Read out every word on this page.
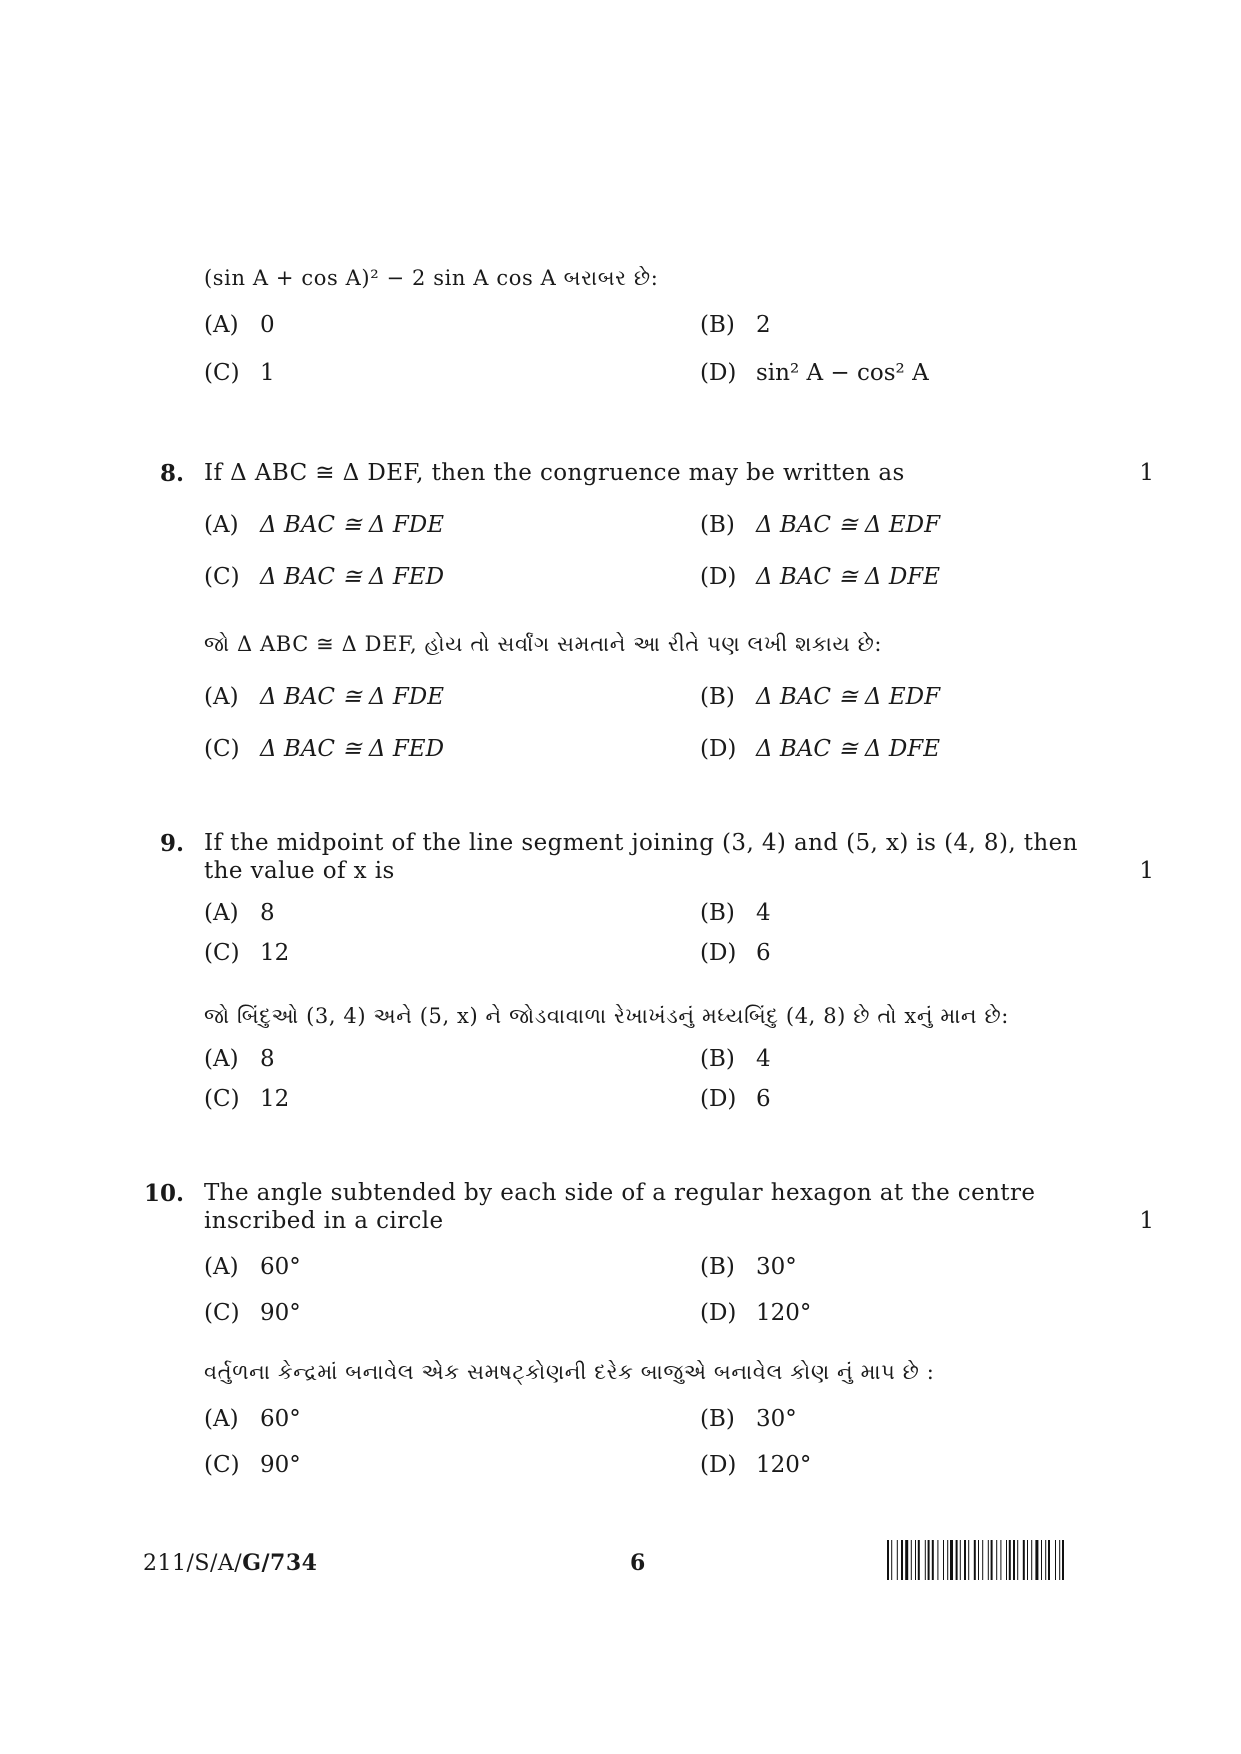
(sin A + cos A)² − 2 sin A cos A બરાબર છે:
(A) 0	(B) 2
(C) 1	(D) sin² A − cos² A
8. If Δ ABC ≅ Δ DEF, then the congruence may be written as	1
(A) Δ BAC ≅ Δ FDE	(B) Δ BAC ≅ Δ EDF
(C) Δ BAC ≅ Δ FED	(D) Δ BAC ≅ Δ DFE
જો Δ ABC ≅ Δ DEF, હોય તો સર્વાંગ સમતાને આ રીતે પણ લખી શકાય છે:
(A) Δ BAC ≅ Δ FDE	(B) Δ BAC ≅ Δ EDF
(C) Δ BAC ≅ Δ FED	(D) Δ BAC ≅ Δ DFE
9. If the midpoint of the line segment joining (3, 4) and (5, x) is (4, 8), then
the value of x is	1
(A) 8	(B) 4
(C) 12	(D) 6
જો બિંદુઓ (3, 4) અને (5, x) ને જોડવાવાળા રેખાખંડનું મધ્યબિંદુ (4, 8) છે તો xનું માન છે:
(A) 8	(B) 4
(C) 12	(D) 6
10. The angle subtended by each side of a regular hexagon at the centre
inscribed in a circle	1
(A) 60°	(B) 30°
(C) 90°	(D) 120°
વર્તુળના કેન્દ્રમાં બનાવેલ એક સમષટ્કોણની દરેક બાજુએ બનાવેલ કોણ નું માપ છે :
(A) 60°	(B) 30°
(C) 90°	(D) 120°
211/S/A/G/734	6
